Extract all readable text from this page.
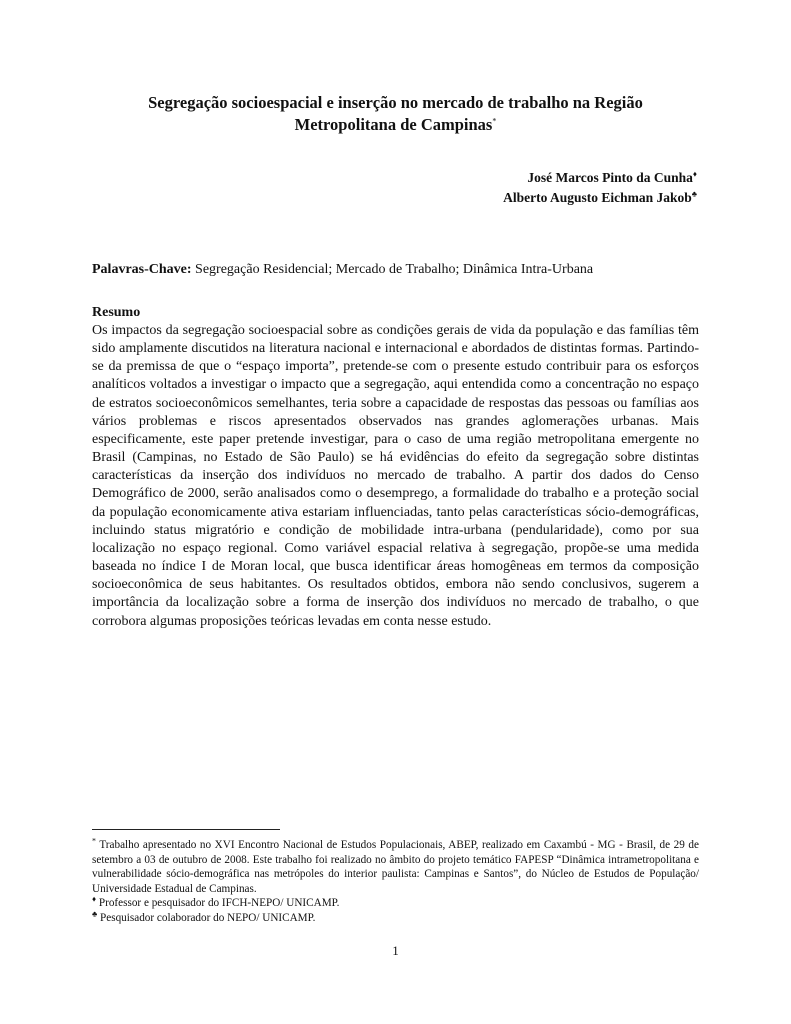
Segregação socioespacial e inserção no mercado de trabalho na Região
Metropolitana de Campinas*
José Marcos Pinto da Cunha♦
Alberto Augusto Eichman Jakob♣
Palavras-Chave: Segregação Residencial; Mercado de Trabalho; Dinâmica Intra-Urbana
Resumo

Os impactos da segregação socioespacial sobre as condições gerais de vida da população e das famílias têm sido amplamente discutidos na literatura nacional e internacional e abordados de distintas formas. Partindo-se da premissa de que o “espaço importa”, pretende-se com o presente estudo contribuir para os esforços analíticos voltados a investigar o impacto que a segregação, aqui entendida como a concentração no espaço de estratos socioeconômicos semelhantes, teria sobre a capacidade de respostas das pessoas ou famílias aos vários problemas e riscos apresentados observados nas grandes aglomerações urbanas. Mais especificamente, este paper pretende investigar, para o caso de uma região metropolitana emergente no Brasil (Campinas, no Estado de São Paulo) se há evidências do efeito da segregação sobre distintas características da inserção dos indivíduos no mercado de trabalho. A partir dos dados do Censo Demográfico de 2000, serão analisados como o desemprego, a formalidade do trabalho e a proteção social da população economicamente ativa estariam influenciadas, tanto pelas características sócio-demográficas, incluindo status migratório e condição de mobilidade intra-urbana (pendularidade), como por sua localização no espaço regional. Como variável espacial relativa à segregação, propõe-se uma medida baseada no índice I de Moran local, que busca identificar áreas homogêneas em termos da composição socioeconômica de seus habitantes. Os resultados obtidos, embora não sendo conclusivos, sugerem a importância da localização sobre a forma de inserção dos indivíduos no mercado de trabalho, o que corrobora algumas proposições teóricas levadas em conta nesse estudo.

* Trabalho apresentado no XVI Encontro Nacional de Estudos Populacionais, ABEP, realizado em Caxambú - MG - Brasil, de 29 de setembro a 03 de outubro de 2008. Este trabalho foi realizado no âmbito do projeto temático FAPESP “Dinâmica intrametropolitana e vulnerabilidade sócio-demográfica nas metrópoles do interior paulista: Campinas e Santos”, do Núcleo de Estudos de População/ Universidade Estadual de Campinas.

♦ Professor e pesquisador do IFCH-NEPO/ UNICAMP.

♣ Pesquisador colaborador do NEPO/ UNICAMP.

1
